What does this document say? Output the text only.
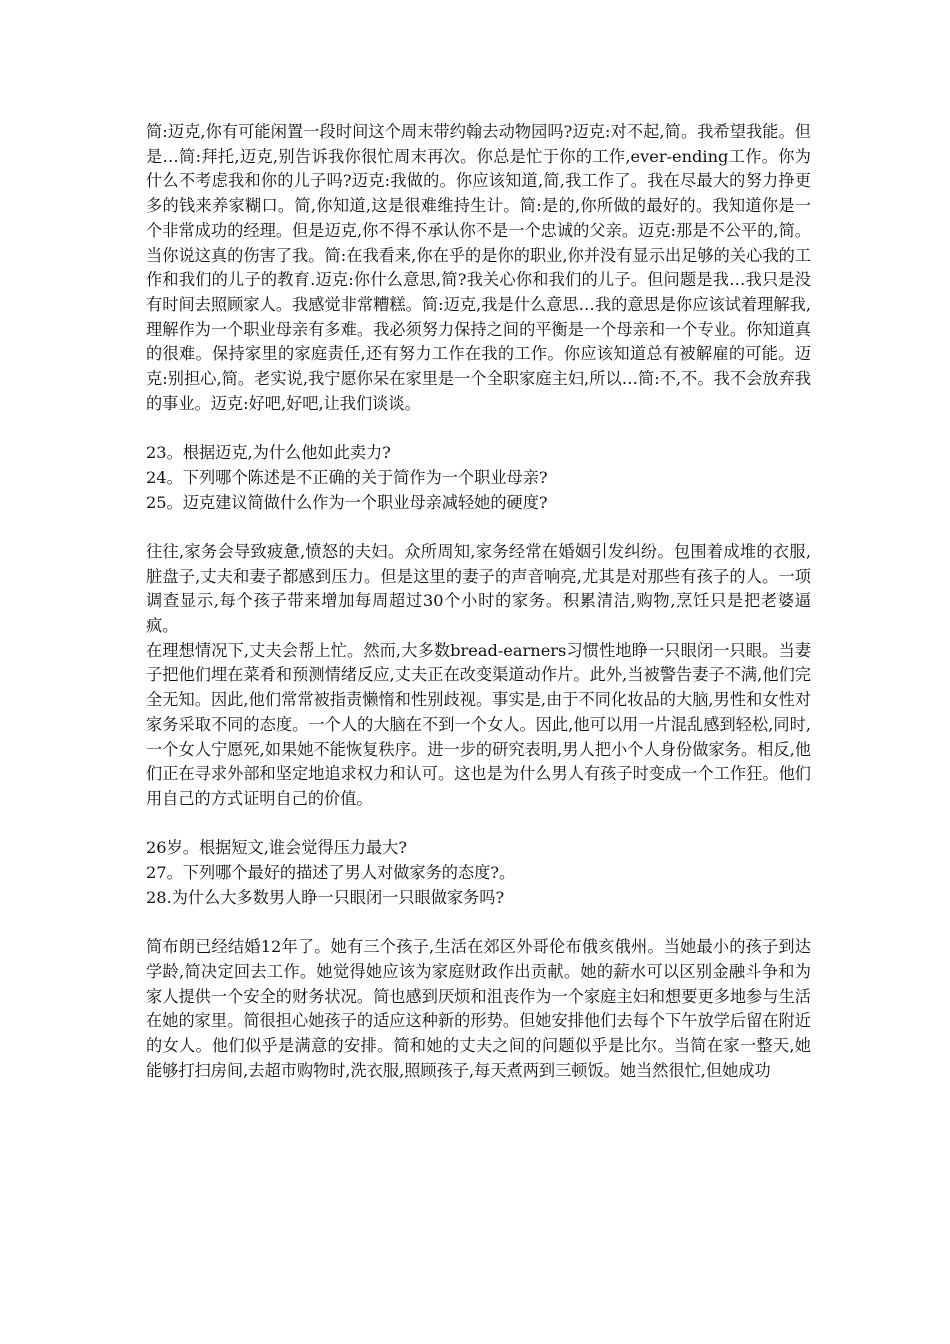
简:迈克,你有可能闲置一段时间这个周末带约翰去动物园吗?迈克:对不起,简。我希望我能。但是…简:拜托,迈克,别告诉我你很忙周末再次。你总是忙于你的工作,ever-ending工作。你为什么不考虑我和你的儿子吗?迈克:我做的。你应该知道,简,我工作了。我在尽最大的努力挣更多的钱来养家糊口。简,你知道,这是很难维持生计。简:是的,你所做的最好的。我知道你是一个非常成功的经理。但是迈克,你不得不承认你不是一个忠诚的父亲。迈克:那是不公平的,简。当你说这真的伤害了我。简:在我看来,你在乎的是你的职业,你并没有显示出足够的关心我的工作和我们的儿子的教育.迈克:你什么意思,简?我关心你和我们的儿子。但问题是我…我只是没有时间去照顾家人。我感觉非常糟糕。简:迈克,我是什么意思…我的意思是你应该试着理解我,理解作为一个职业母亲有多难。我必须努力保持之间的平衡是一个母亲和一个专业。你知道真的很难。保持家里的家庭责任,还有努力工作在我的工作。你应该知道总有被解雇的可能。迈克:别担心,简。老实说,我宁愿你呆在家里是一个全职家庭主妇,所以…简:不,不。我不会放弃我的事业。迈克:好吧,好吧,让我们谈谈。

23。根据迈克,为什么他如此卖力?

24。下列哪个陈述是不正确的关于简作为一个职业母亲?

25。迈克建议简做什么作为一个职业母亲减轻她的硬度?

往往,家务会导致疲惫,愤怒的夫妇。众所周知,家务经常在婚姻引发纠纷。包围着成堆的衣服,脏盘子,丈夫和妻子都感到压力。但是这里的妻子的声音响亮,尤其是对那些有孩子的人。一项调查显示,每个孩子带来增加每周超过30个小时的家务。积累清洁,购物,烹饪只是把老婆逼疯。

在理想情况下,丈夫会帮上忙。然而,大多数bread-earners习惯性地睁一只眼闭一只眼。当妻子把他们埋在菜肴和预测情绪反应,丈夫正在改变渠道动作片。此外,当被警告妻子不满,他们完全无知。因此,他们常常被指责懒惰和性别歧视。事实是,由于不同化妆品的大脑,男性和女性对家务采取不同的态度。一个人的大脑在不到一个女人。因此,他可以用一片混乱感到轻松,同时,一个女人宁愿死,如果她不能恢复秩序。进一步的研究表明,男人把小个人身份做家务。相反,他们正在寻求外部和坚定地追求权力和认可。这也是为什么男人有孩子时变成一个工作狂。他们用自己的方式证明自己的价值。

26岁。根据短文,谁会觉得压力最大?

27。下列哪个最好的描述了男人对做家务的态度?。

28.为什么大多数男人睁一只眼闭一只眼做家务吗?

简布朗已经结婚12年了。她有三个孩子,生活在郊区外哥伦布俄亥俄州。当她最小的孩子到达学龄,简决定回去工作。她觉得她应该为家庭财政作出贡献。她的薪水可以区别金融斗争和为家人提供一个安全的财务状况。简也感到厌烦和沮丧作为一个家庭主妇和想要更多地参与生活在她的家里。简很担心她孩子的适应这种新的形势。但她安排他们去每个下午放学后留在附近的女人。他们似乎是满意的安排。简和她的丈夫之间的问题似乎是比尔。当简在家一整天,她能够打扫房间,去超市购物时,洗衣服,照顾孩子,每天煮两到三顿饭。她当然很忙,但她成功
